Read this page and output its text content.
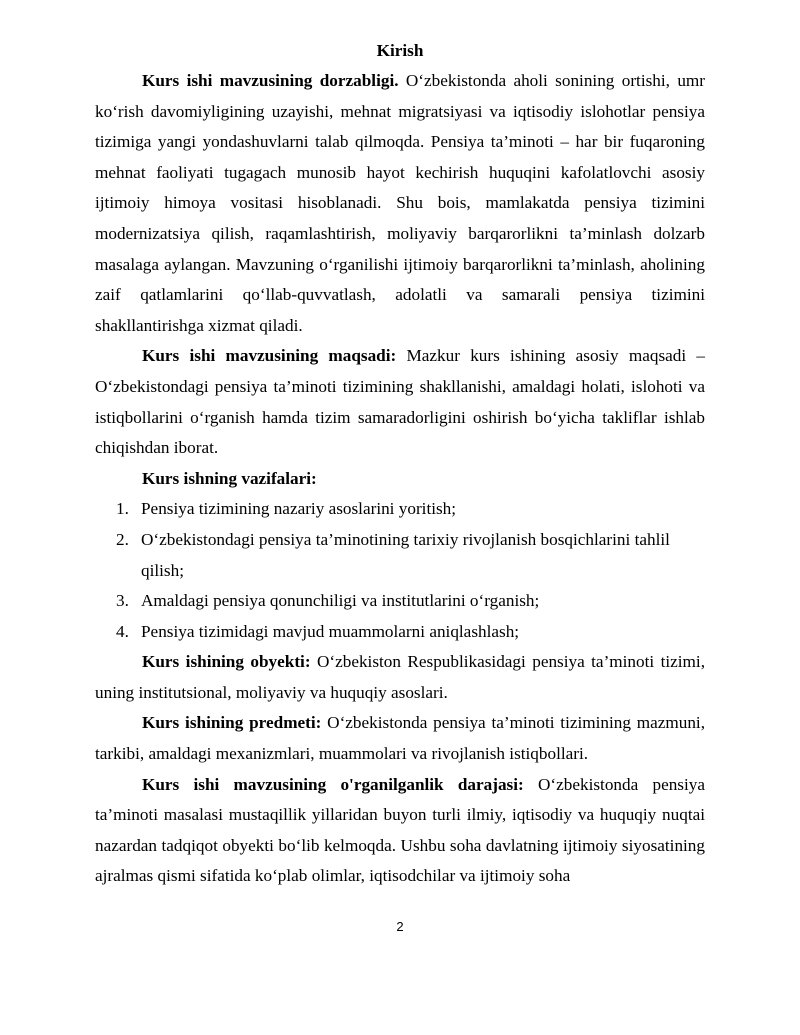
Kirish

Kurs ishi mavzusining dorzabligi. O‘zbekistonda aholi sonining ortishi, umr ko‘rish davomiyligining uzayishi, mehnat migratsiyasi va iqtisodiy islohotlar pensiya tizimiga yangi yondashuvlarni talab qilmoqda. Pensiya ta’minoti – har bir fuqaroning mehnat faoliyati tugagach munosib hayot kechirish huquqini kafolatlovchi asosiy ijtimoiy himoya vositasi hisoblanadi. Shu bois, mamlakatda pensiya tizimini modernizatsiya qilish, raqamlashtirish, moliyaviy barqarorlikni ta’minlash dolzarb masalaga aylangan. Mavzuning o‘rganilishi ijtimoiy barqarorlikni ta’minlash, aholining zaif qatlamlarini qo‘llab-quvvatlash, adolatli va samarali pensiya tizimini shakllantirishga xizmat qiladi.

Kurs ishi mavzusining maqsadi: Mazkur kurs ishining asosiy maqsadi – O‘zbekistondagi pensiya ta’minoti tizimining shakllanishi, amaldagi holati, islohoti va istiqbollarini o‘rganish hamda tizim samaradorligini oshirish bo‘yicha takliflar ishlab chiqishdan iborat.

Kurs ishning vazifalari:

1. Pensiya tizimining nazariy asoslarini yoritish;
2. O‘zbekistondagi pensiya ta’minotining tarixiy rivojlanish bosqichlarini tahlil qilish;
3. Amaldagi pensiya qonunchiligi va institutlarini o‘rganish;
4. Pensiya tizimidagi mavjud muammolarni aniqlashlash;

Kurs ishining obyekti: O‘zbekiston Respublikasidagi pensiya ta’minoti tizimi, uning institutsional, moliyaviy va huquqiy asoslari.

Kurs ishining predmeti: O‘zbekistonda pensiya ta’minoti tizimining mazmuni, tarkibi, amaldagi mexanizmlari, muammolari va rivojlanish istiqbollari.

Kurs ishi mavzusining o'rganilganlik darajasi: O‘zbekistonda pensiya ta’minoti masalasi mustaqillik yillaridan buyon turli ilmiy, iqtisodiy va huquqiy nuqtai nazardan tadqiqot obyekti bo‘lib kelmoqda. Ushbu soha davlatning ijtimoiy siyosatining ajralmas qismi sifatida ko‘plab olimlar, iqtisodchilar va ijtimoiy soha

2
